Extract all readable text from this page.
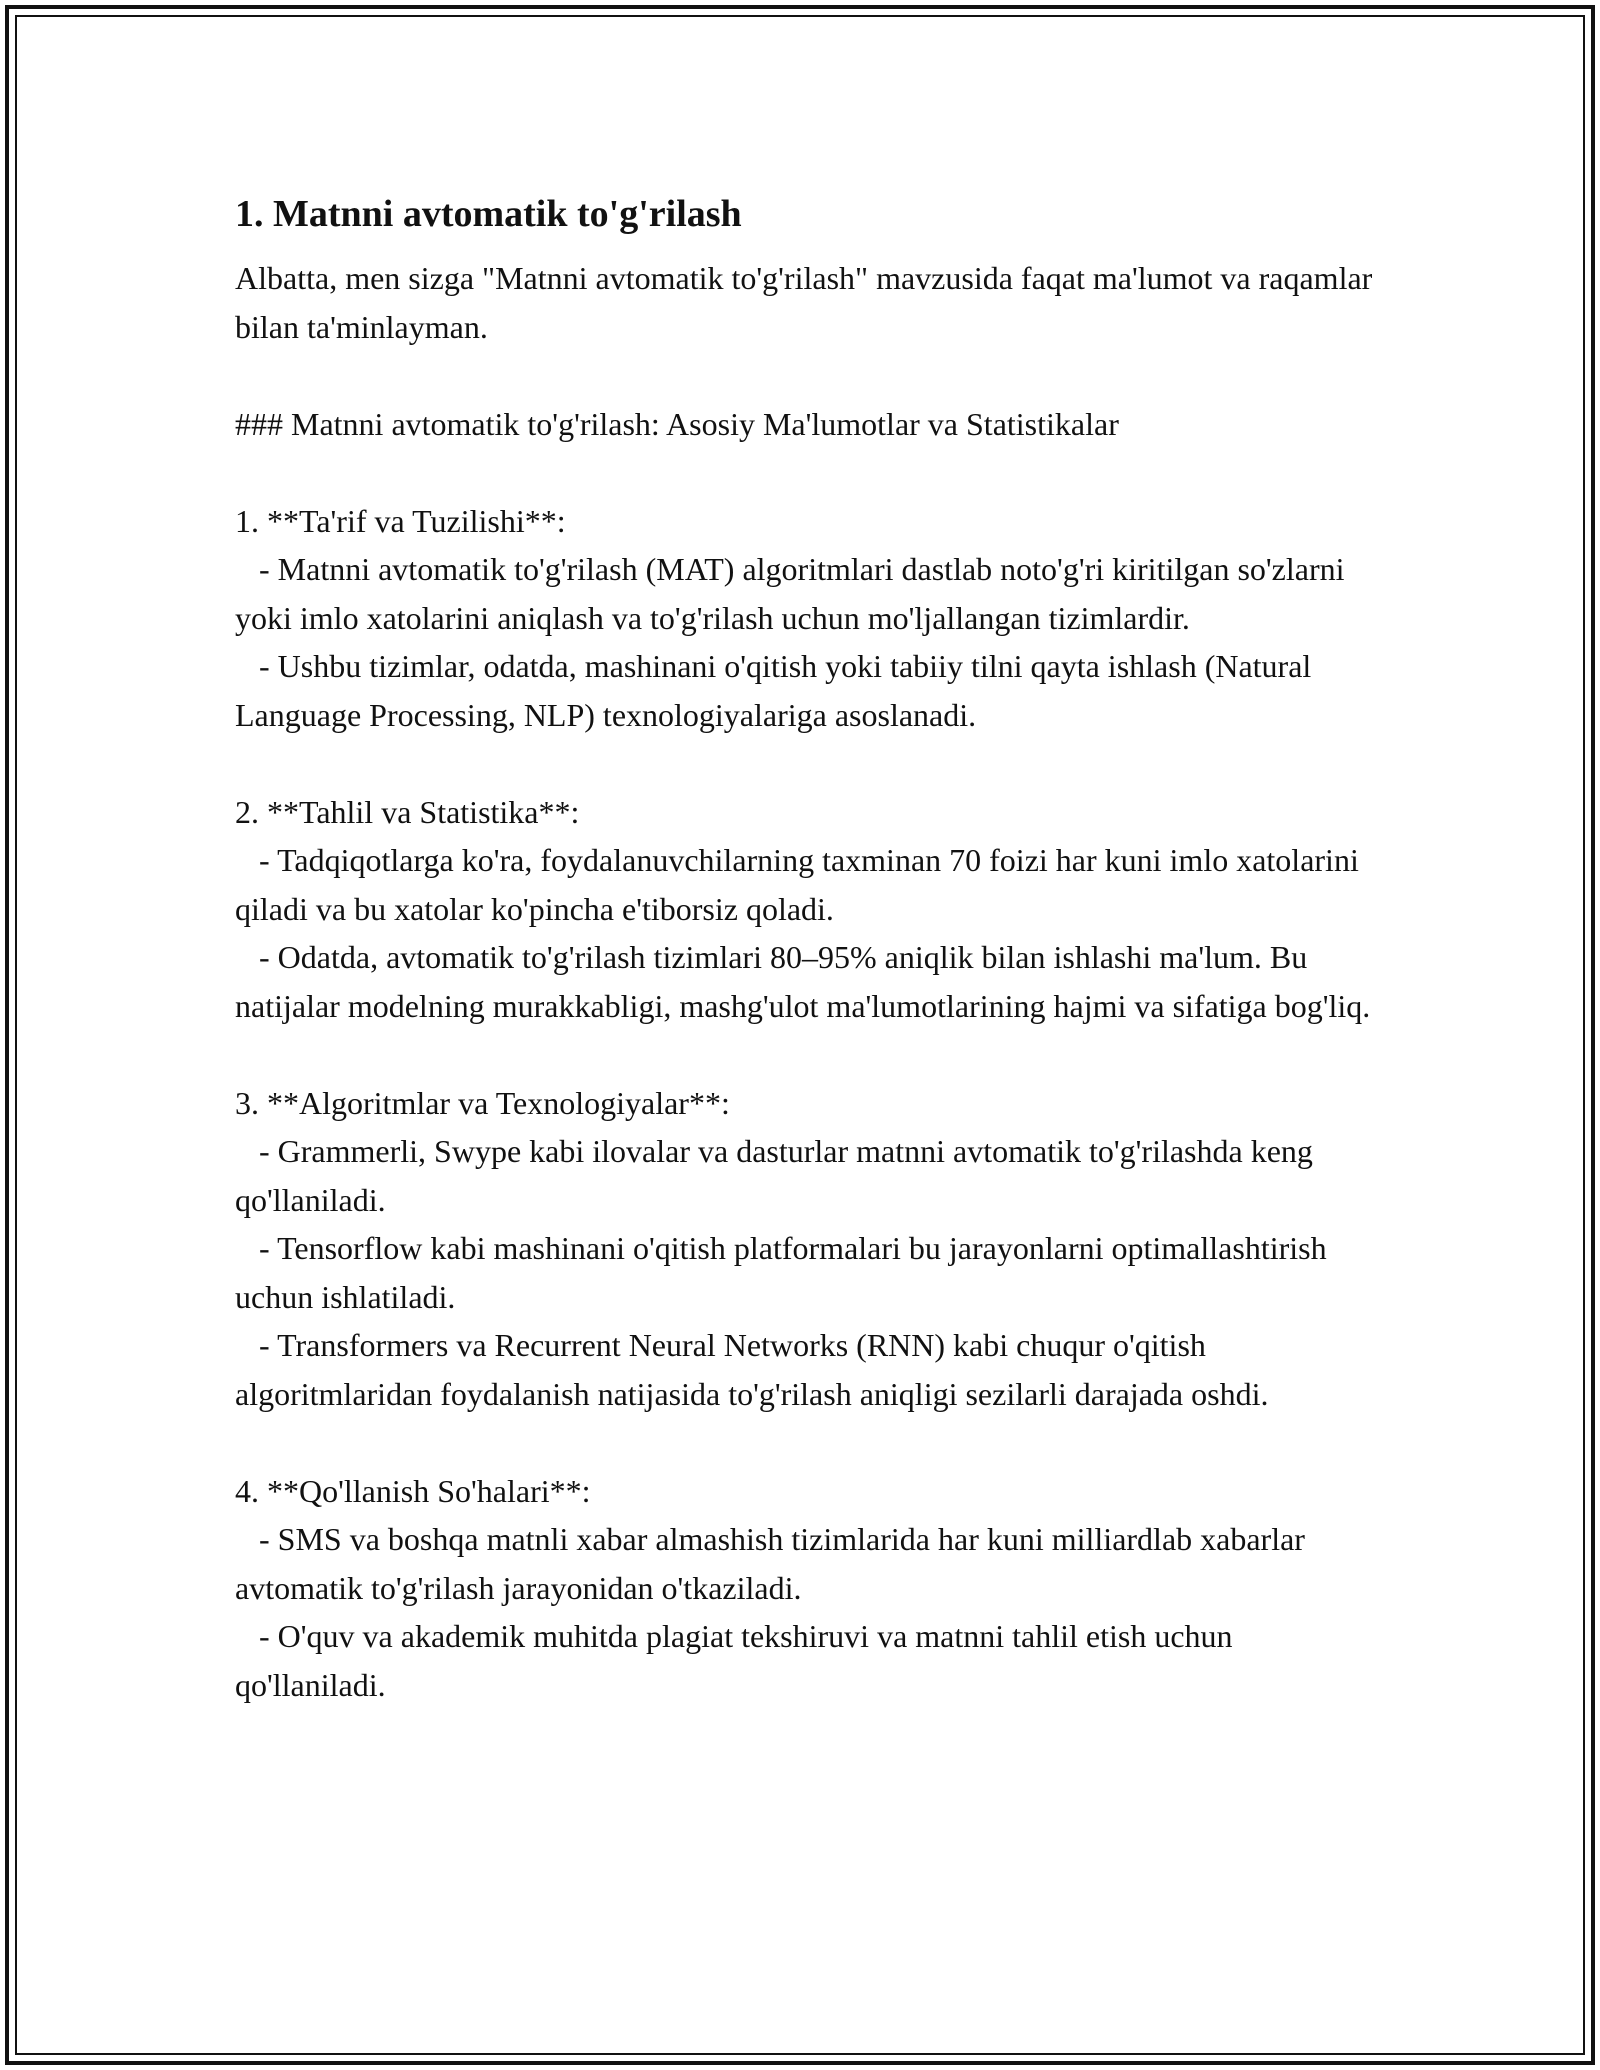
1. Matnni avtomatik to'g'rilash

Albatta, men sizga "Matnni avtomatik to'g'rilash" mavzusida faqat ma'lumot va raqamlar bilan ta'minlayman.

### Matnni avtomatik to'g'rilash: Asosiy Ma'lumotlar va Statistikalar

1. **Ta'rif va Tuzilishi**:
- Matnni avtomatik to'g'rilash (MAT) algoritmlari dastlab noto'g'ri kiritilgan so'zlarni yoki imlo xatolarini aniqlash va to'g'rilash uchun mo'ljallangan tizimlardir.
- Ushbu tizimlar, odatda, mashinani o'qitish yoki tabiiy tilni qayta ishlash (Natural Language Processing, NLP) texnologiyalariga asoslanadi.

2. **Tahlil va Statistika**:
- Tadqiqotlarga ko'ra, foydalanuvchilarning taxminan 70 foizi har kuni imlo xatolarini qiladi va bu xatolar ko'pincha e'tiborsiz qoladi.
- Odatda, avtomatik to'g'rilash tizimlari 80–95% aniqlik bilan ishlashi ma'lum. Bu natijalar modelning murakkabligi, mashg'ulot ma'lumotlarining hajmi va sifatiga bog'liq.

3. **Algoritmlar va Texnologiyalar**:
- Grammerli, Swype kabi ilovalar va dasturlar matnni avtomatik to'g'rilashda keng qo'llaniladi.
- Tensorflow kabi mashinani o'qitish platformalari bu jarayonlarni optimallashtirish uchun ishlatiladi.
- Transformers va Recurrent Neural Networks (RNN) kabi chuqur o'qitish algoritmlaridan foydalanish natijasida to'g'rilash aniqligi sezilarli darajada oshdi.

4. **Qo'llanish So'halari**:
- SMS va boshqa matnli xabar almashish tizimlarida har kuni milliardlab xabarlar avtomatik to'g'rilash jarayonidan o'tkaziladi.
- O'quv va akademik muhitda plagiat tekshiruvi va matnni tahlil etish uchun qo'llaniladi.
